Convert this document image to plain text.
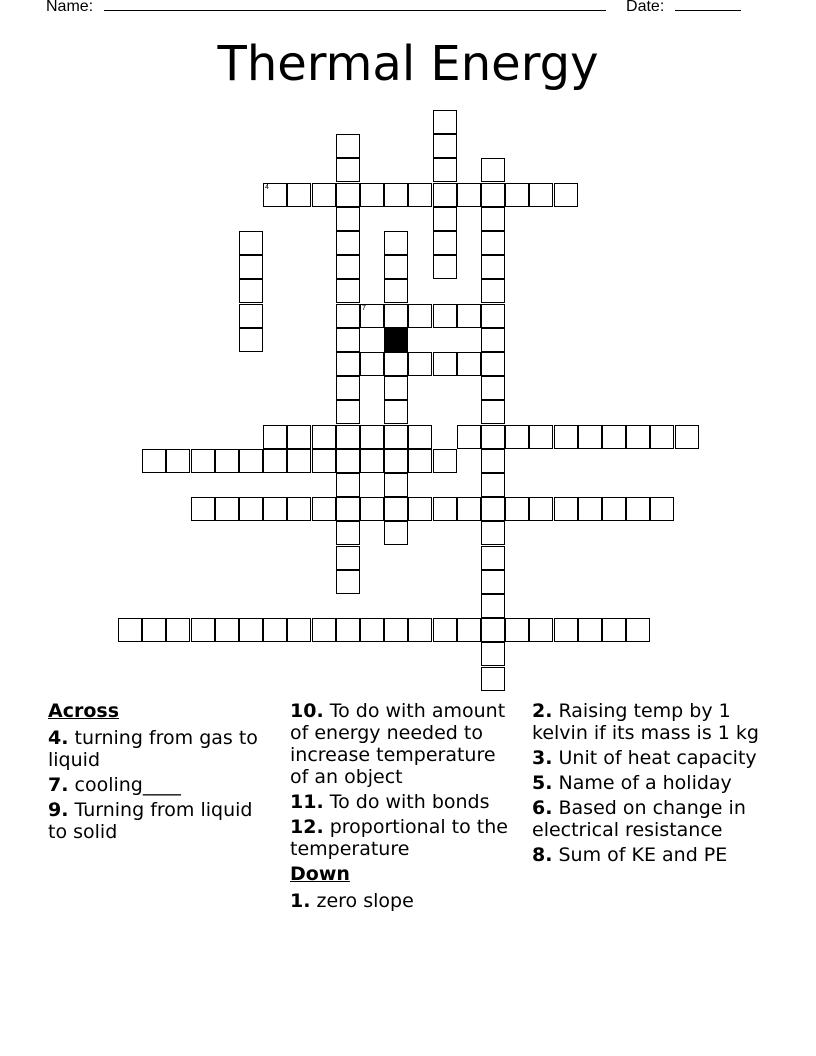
Name:	Date:
Thermal Energy
4
7
Across
4. turning from gas to liquid
7. cooling____
9. Turning from liquid to solid
10. To do with amount of energy needed to increase temperature of an object
11. To do with bonds
12. proportional to the temperature
Down
1. zero slope
2. Raising temp by 1 kelvin if its mass is 1 kg
3. Unit of heat capacity
5. Name of a holiday
6. Based on change in electrical resistance
8. Sum of KE and PE
